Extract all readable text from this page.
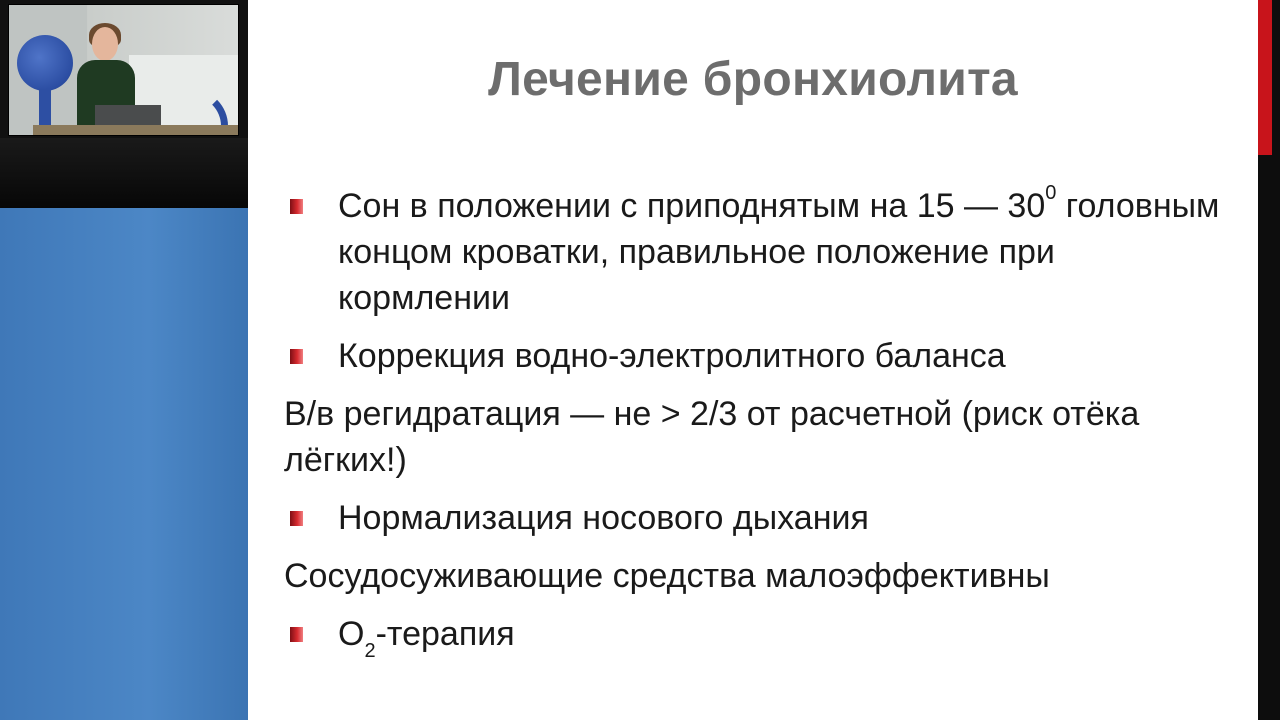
Лечение бронхиолита
Сон в положении с приподнятым на 15 — $30^0$ головным концом кроватки, правильное положение при кормлении
Коррекция водно-электролитного баланса
В/в регидратация — не > 2/3 от расчетной (риск отёка лёгких!)
Нормализация носового дыхания
Сосудосуживающие средства малоэффективны
$О_2$-терапия
